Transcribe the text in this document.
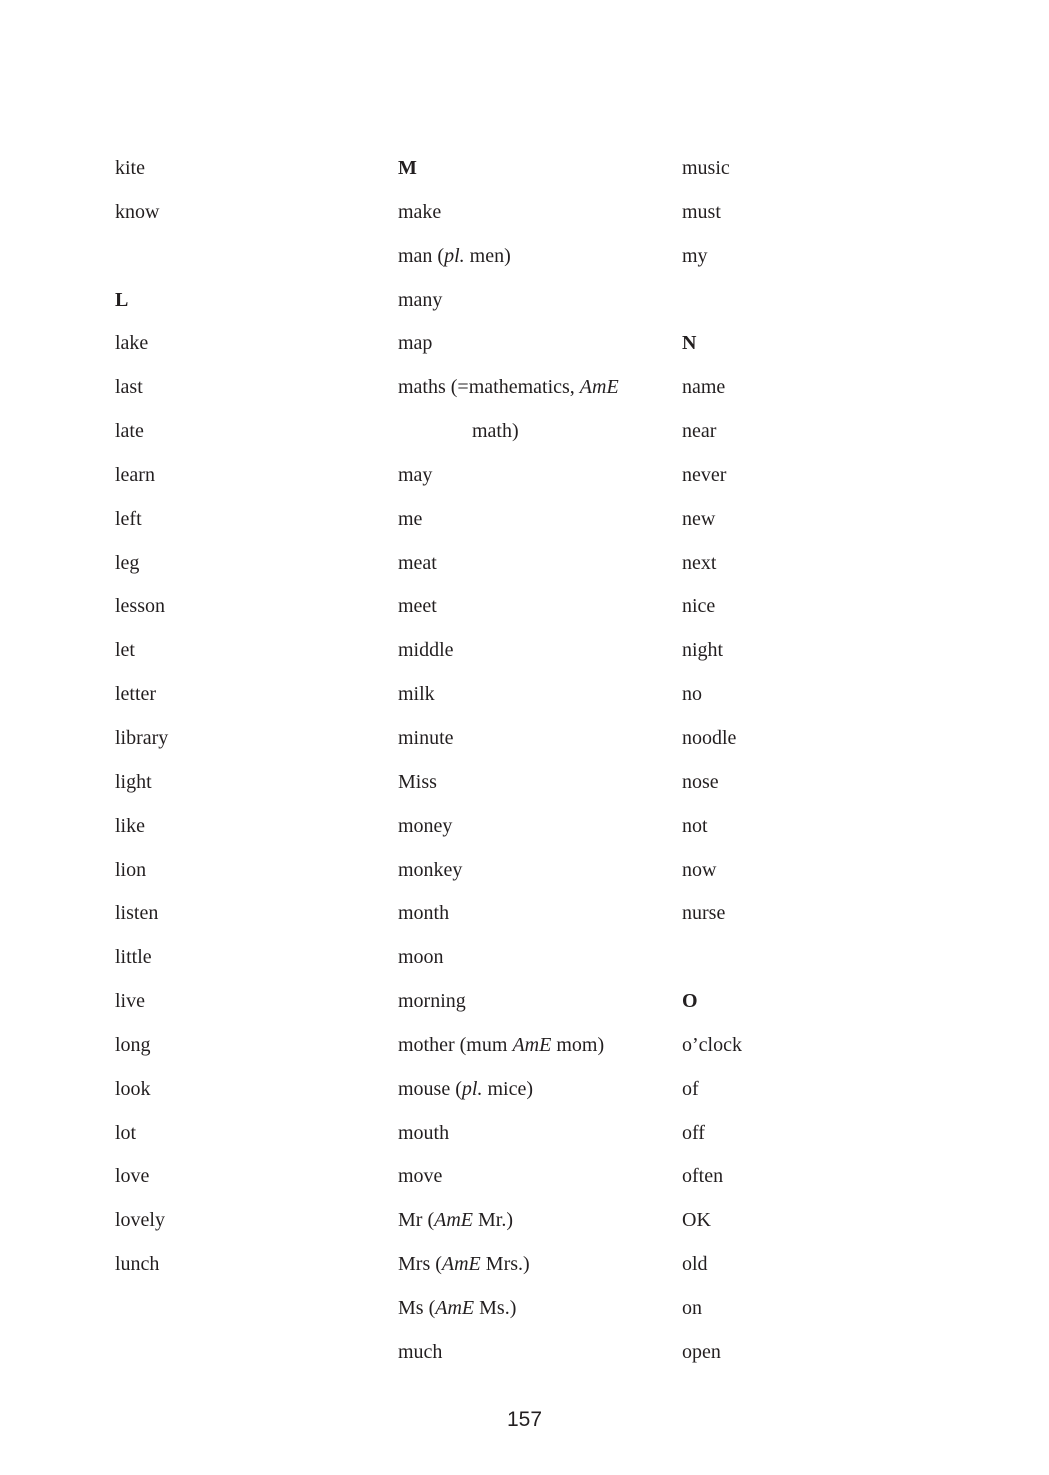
kite
know
L
lake
last
late
learn
left
leg
lesson
let
letter
library
light
like
lion
listen
little
live
long
look
lot
love
lovely
lunch
M
make
man (pl. men)
many
map
maths (=mathematics, AmE
math)
may
me
meat
meet
middle
milk
minute
Miss
money
monkey
month
moon
morning
mother (mum AmE mom)
mouse (pl. mice)
mouth
move
Mr (AmE Mr.)
Mrs (AmE Mrs.)
Ms (AmE Ms.)
much
music
must
my
N
name
near
never
new
next
nice
night
no
noodle
nose
not
now
nurse
O
o’clock
of
off
often
OK
old
on
open
157
